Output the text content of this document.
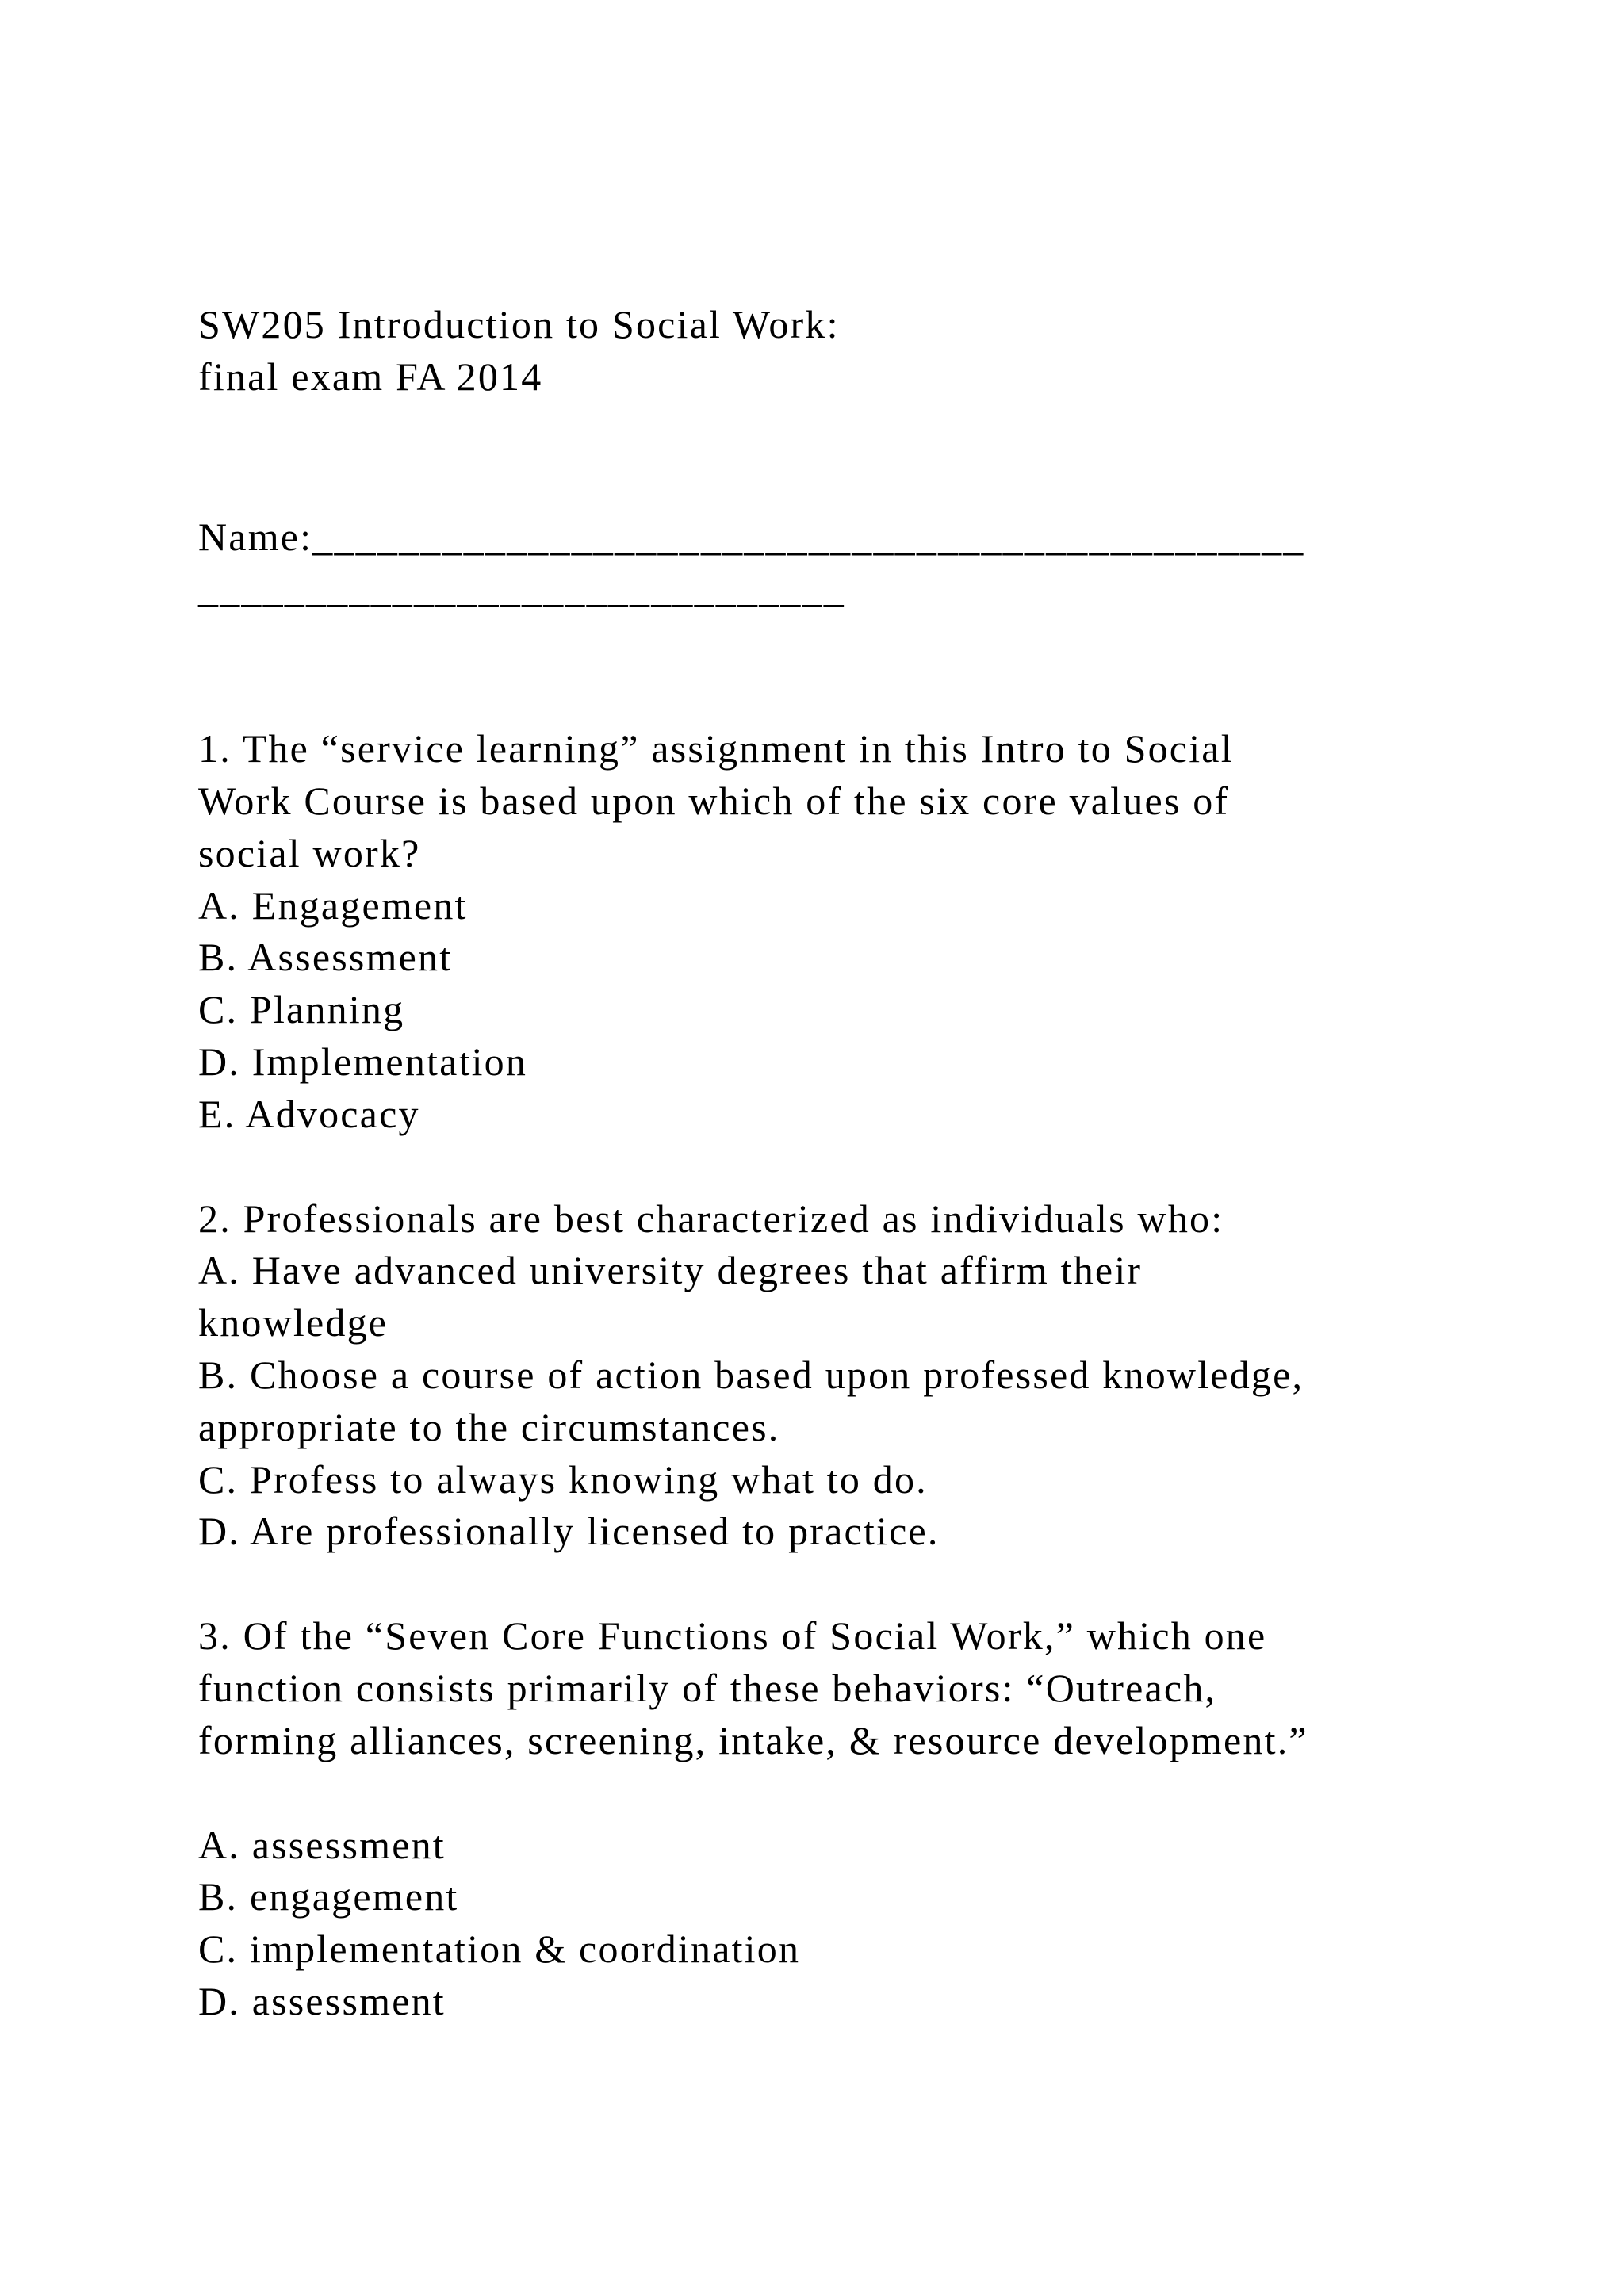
SW205 Introduction to Social Work:
final exam FA 2014
Name:______________________________________________
______________________________
1. The “service learning” assignment in this Intro to Social
Work Course is based upon which of the six core values of
social work?
A. Engagement
B. Assessment
C. Planning
D. Implementation
E. Advocacy
2. Professionals are best characterized as individuals who:
A. Have advanced university degrees that affirm their
knowledge
B. Choose a course of action based upon professed knowledge,
appropriate to the circumstances.
C. Profess to always knowing what to do.
D. Are professionally licensed to practice.
3. Of the “Seven Core Functions of Social Work,” which one
function consists primarily of these behaviors: “Outreach,
forming alliances, screening, intake, & resource development.”
A. assessment
B. engagement
C. implementation & coordination
D. assessment
